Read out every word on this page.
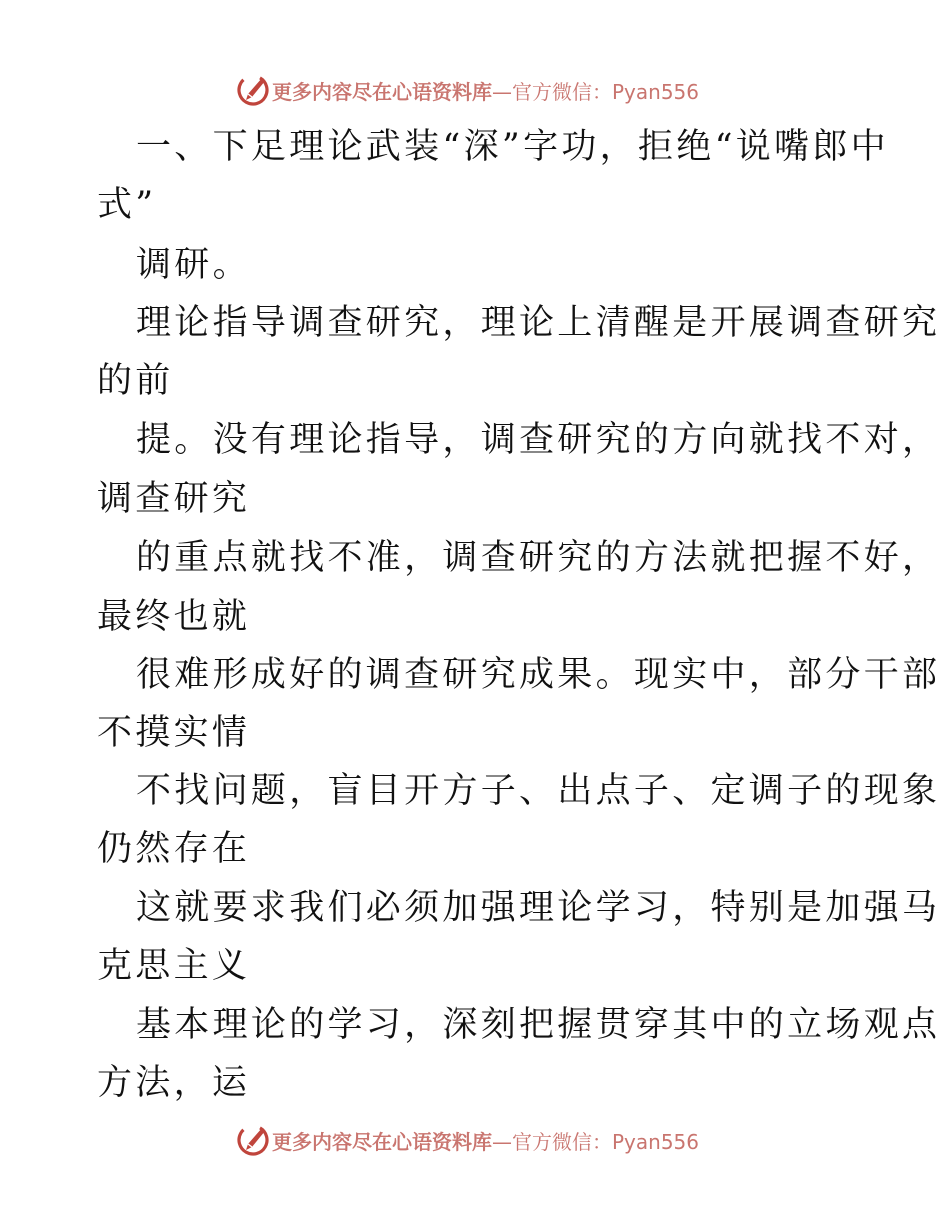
更多内容尽在心语资料库 —官方微信：Pyan556
一、下足理论武装“深”字功，拒绝“说嘴郎中
式”
调研。
理论指导调查研究，理论上清醒是开展调查研究
的前
提。没有理论指导，调查研究的方向就找不对，
调查研究
的重点就找不准，调查研究的方法就把握不好，
最终也就
很难形成好的调查研究成果。现实中，部分干部
不摸实情
不找问题，盲目开方子、出点子、定调子的现象
仍然存在
这就要求我们必须加强理论学习，特别是加强马
克思主义
基本理论的学习，深刻把握贯穿其中的立场观点
方法，运
更多内容尽在心语资料库 —官方微信：Pyan556
